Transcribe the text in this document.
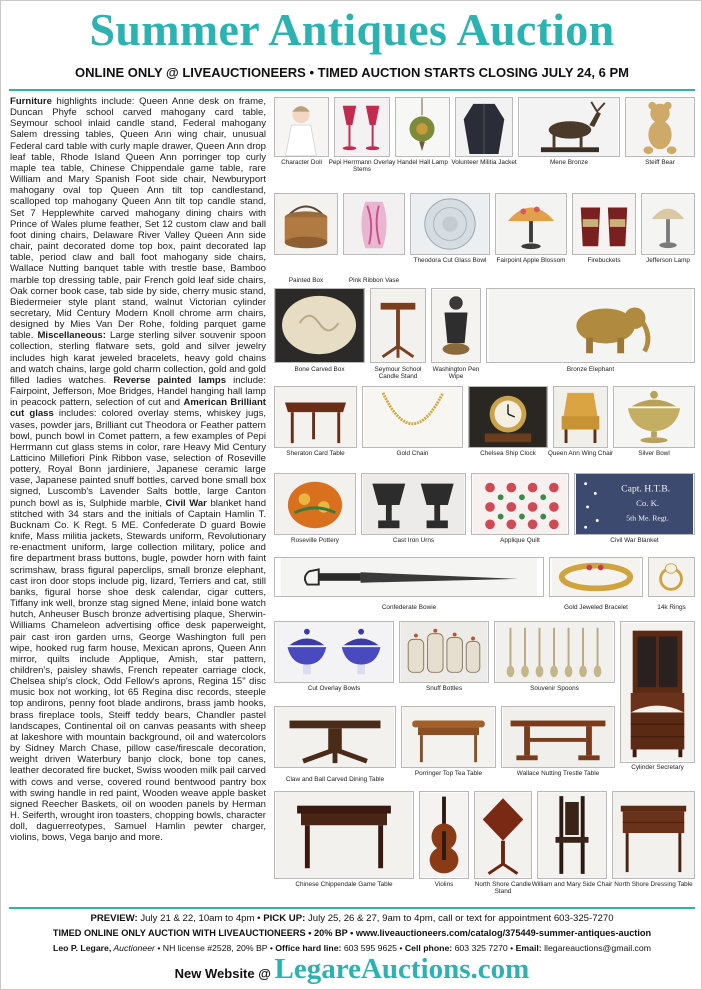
Summer Antiques Auction
ONLINE ONLY @ LIVEAUCTIONEERS • TIMED AUCTION STARTS CLOSING JULY 24, 6 PM
Furniture highlights include: Queen Anne desk on frame, Duncan Phyfe school carved mahogany card table, Seymour school inlaid candle stand, Federal mahogany Salem dressing tables, Queen Ann wing chair, unusual Federal card table with curly maple drawer, Queen Ann drop leaf table, Rhode Island Queen Ann porringer top curly maple tea table, Chinese Chippendale game table, rare William and Mary Spanish Foot side chair, Newburyport mahogany oval top Queen Ann tilt top candlestand, scalloped top mahogany Queen Ann tilt top candle stand, Set 7 Hepplewhite carved mahogany dining chairs with Prince of Wales plume feather, Set 12 custom claw and ball foot dining chairs, Delaware River Valley Queen Ann side chair, paint decorated dome top box, paint decorated lap table, period claw and ball foot mahogany side chairs, Wallace Nutting banquet table with trestle base, Bamboo marble top dressing table, pair French gold leaf side chairs, Oak corner book case, tab side by side, cherry music stand, Biedermeier style plant stand, walnut Victorian cylinder secretary, Mid Century Modern Knoll chrome arm chairs, designed by Mies Van Der Rohe, folding parquet game table. Miscellaneous: Large sterling silver souvenir spoon collection, sterling flatware sets, gold and silver jewelry includes high karat jeweled bracelets, heavy gold chains and watch chains, large gold charm collection, gold and gold filled ladies watches. Reverse painted lamps include: Fairpoint, Jefferson, Moe Bridges, Handel hanging hall lamp in peacock pattern, selection of cut and American Brilliant cut glass includes: colored overlay stems, whiskey jugs, vases, powder jars, Brilliant cut Theodora or Feather pattern bowl, punch bowl in Comet pattern, a few examples of Pepi Herrmann cut glass stems in color, rare Heavy Mid Century Latticino Millefiori Pink Ribbon vase, selection of Roseville pottery, Royal Bonn jardiniere, Japanese ceramic large vase, Japanese painted snuff bottles, carved bone small box signed, Luscomb's Lavender Salts bottle, large Canton punch bowl as is, Sulphide marble, Civil War blanket hand stitched with 34 stars and the initials of Captain Hamlin T. Bucknam Co. K Regt. 5 ME. Confederate D guard Bowie knife, Mass militia jackets, Stewards uniform, Revolutionary re-enactment uniform, large collection military, police and fire department brass buttons, bugle, powder horn with faint scrimshaw, brass figural paperclips, small bronze elephant, cast iron door stops include pig, lizard, Terriers and cat, still banks, figural horse shoe desk calendar, cigar cutters, Tiffany ink well, bronze stag signed Mene, inlaid bone watch hutch, Anheuser Busch bronze advertising plaque, Sherwin-Williams Chameleon advertising office desk paperweight, pair cast iron garden urns, George Washington full pen wipe, hooked rug farm house, Mexican aprons, Queen Ann mirror, quilts include Applique, Amish, star pattern, children's, paisley shawls, French repeater carriage clock, Chelsea ship's clock, Odd Fellow's aprons, Regina 15" disc music box not working, lot 65 Regina disc records, steeple top andirons, penny foot blade andirons, brass jamb hooks, brass fireplace tools, Steiff teddy bears, Chandler pastel landscapes, Continental oil on canvas peasants with sheep at lakeshore with mountain background, oil and watercolors by Sidney March Chase, pillow case/firescale decoration, weight driven Waterbury banjo clock, bone top canes, leather decorated fire bucket, Swiss wooden milk pail carved with cows and verse, covered round bentwood pantry box with swing handle in red paint, Wooden weave apple basket signed Reecher Baskets, oil on wooden panels by Herman H. Seiferth, wrought iron toasters, chopping bowls, character doll, daguerreotypes, Samuel Hamlin pewter charger, violins, bows, Vega banjo and more.
Character Doll	Pepi Herrmann Overlay Stems
Handel Hall Lamp Volunteer Militia Jacket	Mene Bronze	Steiff Bear
Painted Box	Pink Ribbon Vase
Theodora Cut Glass Bowl	Fairpoint Apple Blossom	Firebuckets	Jefferson Lamp
Bone Carved Box	Seymour School Candle Stand
Washington Pen Wipe
Bronze Elephant
Sheraton Card Table	Gold Chain	Chelsea Ship Clock	Queen Ann Wing Chair	Silver Bowl
Roseville Pottery	Cast Iron Urns	Applique Quilt
Capt. H.T.B.
Co. K.
5th Me. Regt.
Civil War Blanket
Confederate Bowie	Gold Jeweled Bracelet	14k Rings
Cut Overlay Bowls	Snuff Bottles	Souvenir Spoons
Cylinder Secretary
Claw and Ball Carved Dining Table
Porringer Top Tea Table	Wallace Nutting Trestle Table
Chinese Chippendale Game Table	Violins	North Shore Candle Stand
William and Mary Side Chair North Shore Dressing Table
PREVIEW: July 21 & 22, 10am to 4pm • PICK UP: July 25, 26 & 27, 9am to 4pm, call or text for appointment 603-325-7270
TIMED ONLINE ONLY AUCTION WITH LIVEAUCTIONEERS • 20% BP • www.liveauctioneers.com/catalog/375449-summer-antiques-auction
Leo P. Legare, Auctioneer • NH license #2528, 20% BP • Office hard line: 603 595 9625 • Cell phone: 603 325 7270 • Email: llegareauctions@gmail.com
New Website @ LegareAuctions.com
